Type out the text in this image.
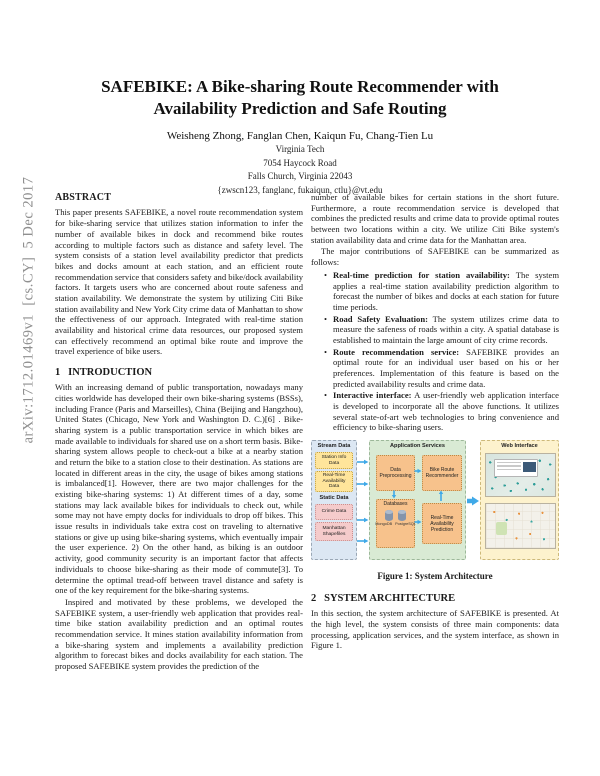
arXiv:1712.01469v1  [cs.CY]  5 Dec 2017
SAFEBIKE: A Bike-sharing Route Recommender with
Availability Prediction and Safe Routing
Weisheng Zhong, Fanglan Chen, Kaiqun Fu, Chang-Tien Lu
Virginia Tech
7054 Haycock Road
Falls Church, Virginia 22043
{zwscn123, fanglanc, fukaiqun, ctlu}@vt.edu
ABSTRACT

This paper presents SAFEBIKE, a novel route recommendation system for bike-sharing service that utilizes station information to infer the number of available bikes in dock and recommend bike routes according to multiple factors such as distance and safety level. The system consists of a station level availability predictor that predicts bikes and docks amount at each station, and an efficient route recommendation service that considers safety and bike/dock availability factors. It targets users who are concerned about route safeness and station availability. We demonstrate the system by utilizing Citi Bike station availability and New York City crime data of Manhattan to show the effectiveness of our approach. Integrated with real-time station availability and historical crime data resources, our proposed system can effectively recommend an optimal bike route and improve the travel experience of bike users.

1   INTRODUCTION

With an increasing demand of public transportation, nowadays many cities worldwide has developed their own bike-sharing systems (BSSs), including France (Paris and Marseilles), China (Beijing and Hangzhou), United States (Chicago, New York and Washington D. C.)[6] . Bike-sharing system is a public transportation service in which bikes are made available to individuals for shared use on a short term basis. Bike-sharing system allows people to check-out a bike at a nearby station and return the bike to a station close to their destination. As stations are located in different areas in the city, the usage of bikes among stations is imbalanced[1]. However, there are two major challenges for the existing bike-sharing systems: 1) At different times of a day, some stations may lack available bikes for individuals to check out, while some may not have empty docks for individuals to drop off bikes. This issue results in individuals take extra cost on traveling to alternative stations or give up using bike-sharing systems, which eventually impair the user experience. 2) On the other hand, as biking is an outdoor activity, good community security is an important factor that affects individuals to choose bike-sharing as their mode of commute[3]. To determine the optimal tread-off between travel distance and safety is one of the key requirement for the bike-sharing systems.

Inspired and motivated by these problems, we developed the SAFEBIKE system, a user-friendly web application that provides real-time bike station availability prediction and an optimal routes recommendation service. It mines station availability information from a bike-sharing system and implements a availability prediction algorithm to forecast bikes and docks availability for each station. The proposed SAFEBIKE system provides the prediction of the

number of available bikes for certain stations in the short future. Furthermore, a route recommendation service is developed that combines the predicted results and crime data to provide optimal routes between two locations within a city. We utilize Citi Bike system's station availability data and crime data for the Manhattan area.

The major contributions of SAFEBIKE can be summarized as follows:

• Real-time prediction for station availability: The system applies a real-time station availability prediction algorithm to forecast the number of bikes and docks at each station for future time periods.
• Road Safety Evaluation: The system utilizes crime data to measure the safeness of roads within a city. A spatial database is established to maintain the large amount of city crime records.
• Route recommendation service: SAFEBIKE provides an optimal route for an individual user based on his or her preferences. Implementation of this feature is based on the predicted availability results and crime data.
• Interactive interface: A user-friendly web application interface is developed to incorporate all the above functions. It utilizes several state-of-art web technologies to bring convenience and efficiency to bike-sharing users.
Stream Data
Station Info Data
Real-Time Availability Data
Static Data
Crime Data
Manhattan Shapefiles
Application Services
Data Preprocessing
Bike Route Recommender
Databases
MongoDB PostgreSQL
Real-Time Availability Prediction
Web Interface
Figure 1: System Architecture
2   SYSTEM ARCHITECTURE

In this section, the system architecture of SAFEBIKE is presented. At the high level, the system consists of three main components: data processing, application services, and the system interface, as shown in Figure 1.
